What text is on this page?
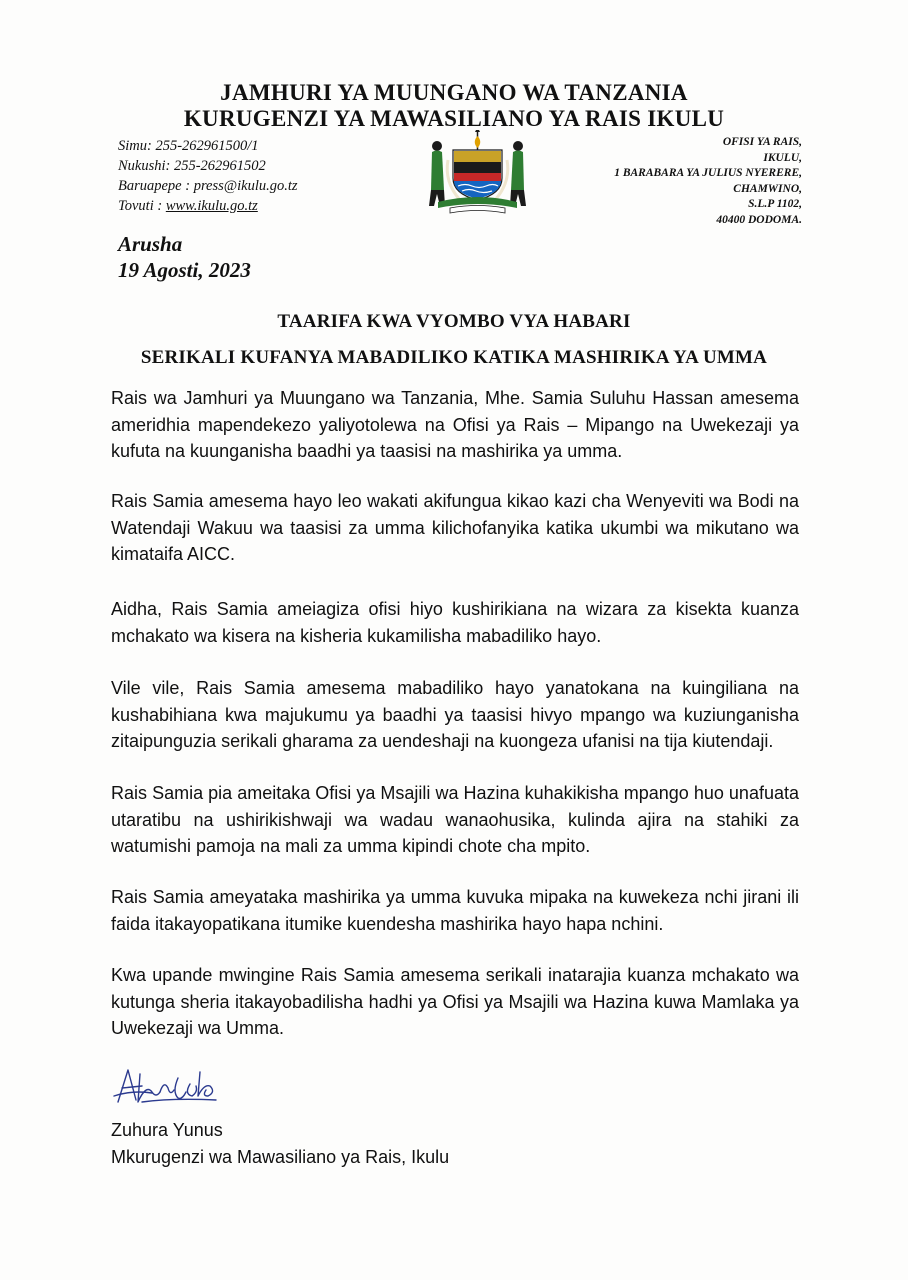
JAMHURI YA MUUNGANO WA TANZANIA
KURUGENZI YA MAWASILIANO YA RAIS IKULU
Simu: 255-262961500/1
Nukushi: 255-262961502
Baruapepe : press@ikulu.go.tz
Tovuti : www.ikulu.go.tz
OFISI YA RAIS,
IKULU,
1 BARABARA YA JULIUS NYERERE,
CHAMWINO,
S.L.P 1102,
40400 DODOMA.
Arusha
19 Agosti, 2023
TAARIFA KWA VYOMBO VYA HABARI
SERIKALI KUFANYA MABADILIKO KATIKA MASHIRIKA YA UMMA

Rais wa Jamhuri ya Muungano wa Tanzania, Mhe. Samia Suluhu Hassan amesema ameridhia mapendekezo yaliyotolewa na Ofisi ya Rais – Mipango na Uwekezaji ya kufuta na kuunganisha baadhi ya taasisi na mashirika ya umma.

Rais Samia amesema hayo leo wakati akifungua kikao kazi cha Wenyeviti wa Bodi na Watendaji Wakuu wa taasisi za umma kilichofanyika katika ukumbi wa mikutano wa kimataifa AICC.

Aidha, Rais Samia ameiagiza ofisi hiyo kushirikiana na wizara za kisekta kuanza mchakato wa kisera na kisheria kukamilisha mabadiliko hayo.

Vile vile, Rais Samia amesema mabadiliko hayo yanatokana na kuingiliana na kushabihiana kwa majukumu ya baadhi ya taasisi hivyo mpango wa kuziunganisha zitaipunguzia serikali gharama za uendeshaji na kuongeza ufanisi na tija kiutendaji.

Rais Samia pia ameitaka Ofisi ya Msajili wa Hazina kuhakikisha mpango huo unafuata utaratibu na ushirikishwaji wa wadau wanaohusika, kulinda ajira na stahiki za watumishi pamoja na mali za umma kipindi chote cha mpito.

Rais Samia ameyataka mashirika ya umma kuvuka mipaka na kuwekeza nchi jirani ili faida itakayopatikana itumike kuendesha mashirika hayo hapa nchini.

Kwa upande mwingine Rais Samia amesema serikali inatarajia kuanza mchakato wa kutunga sheria itakayobadilisha hadhi ya Ofisi ya Msajili wa Hazina kuwa Mamlaka ya Uwekezaji wa Umma.

Zuhura Yunus
Mkurugenzi wa Mawasiliano ya Rais, Ikulu
